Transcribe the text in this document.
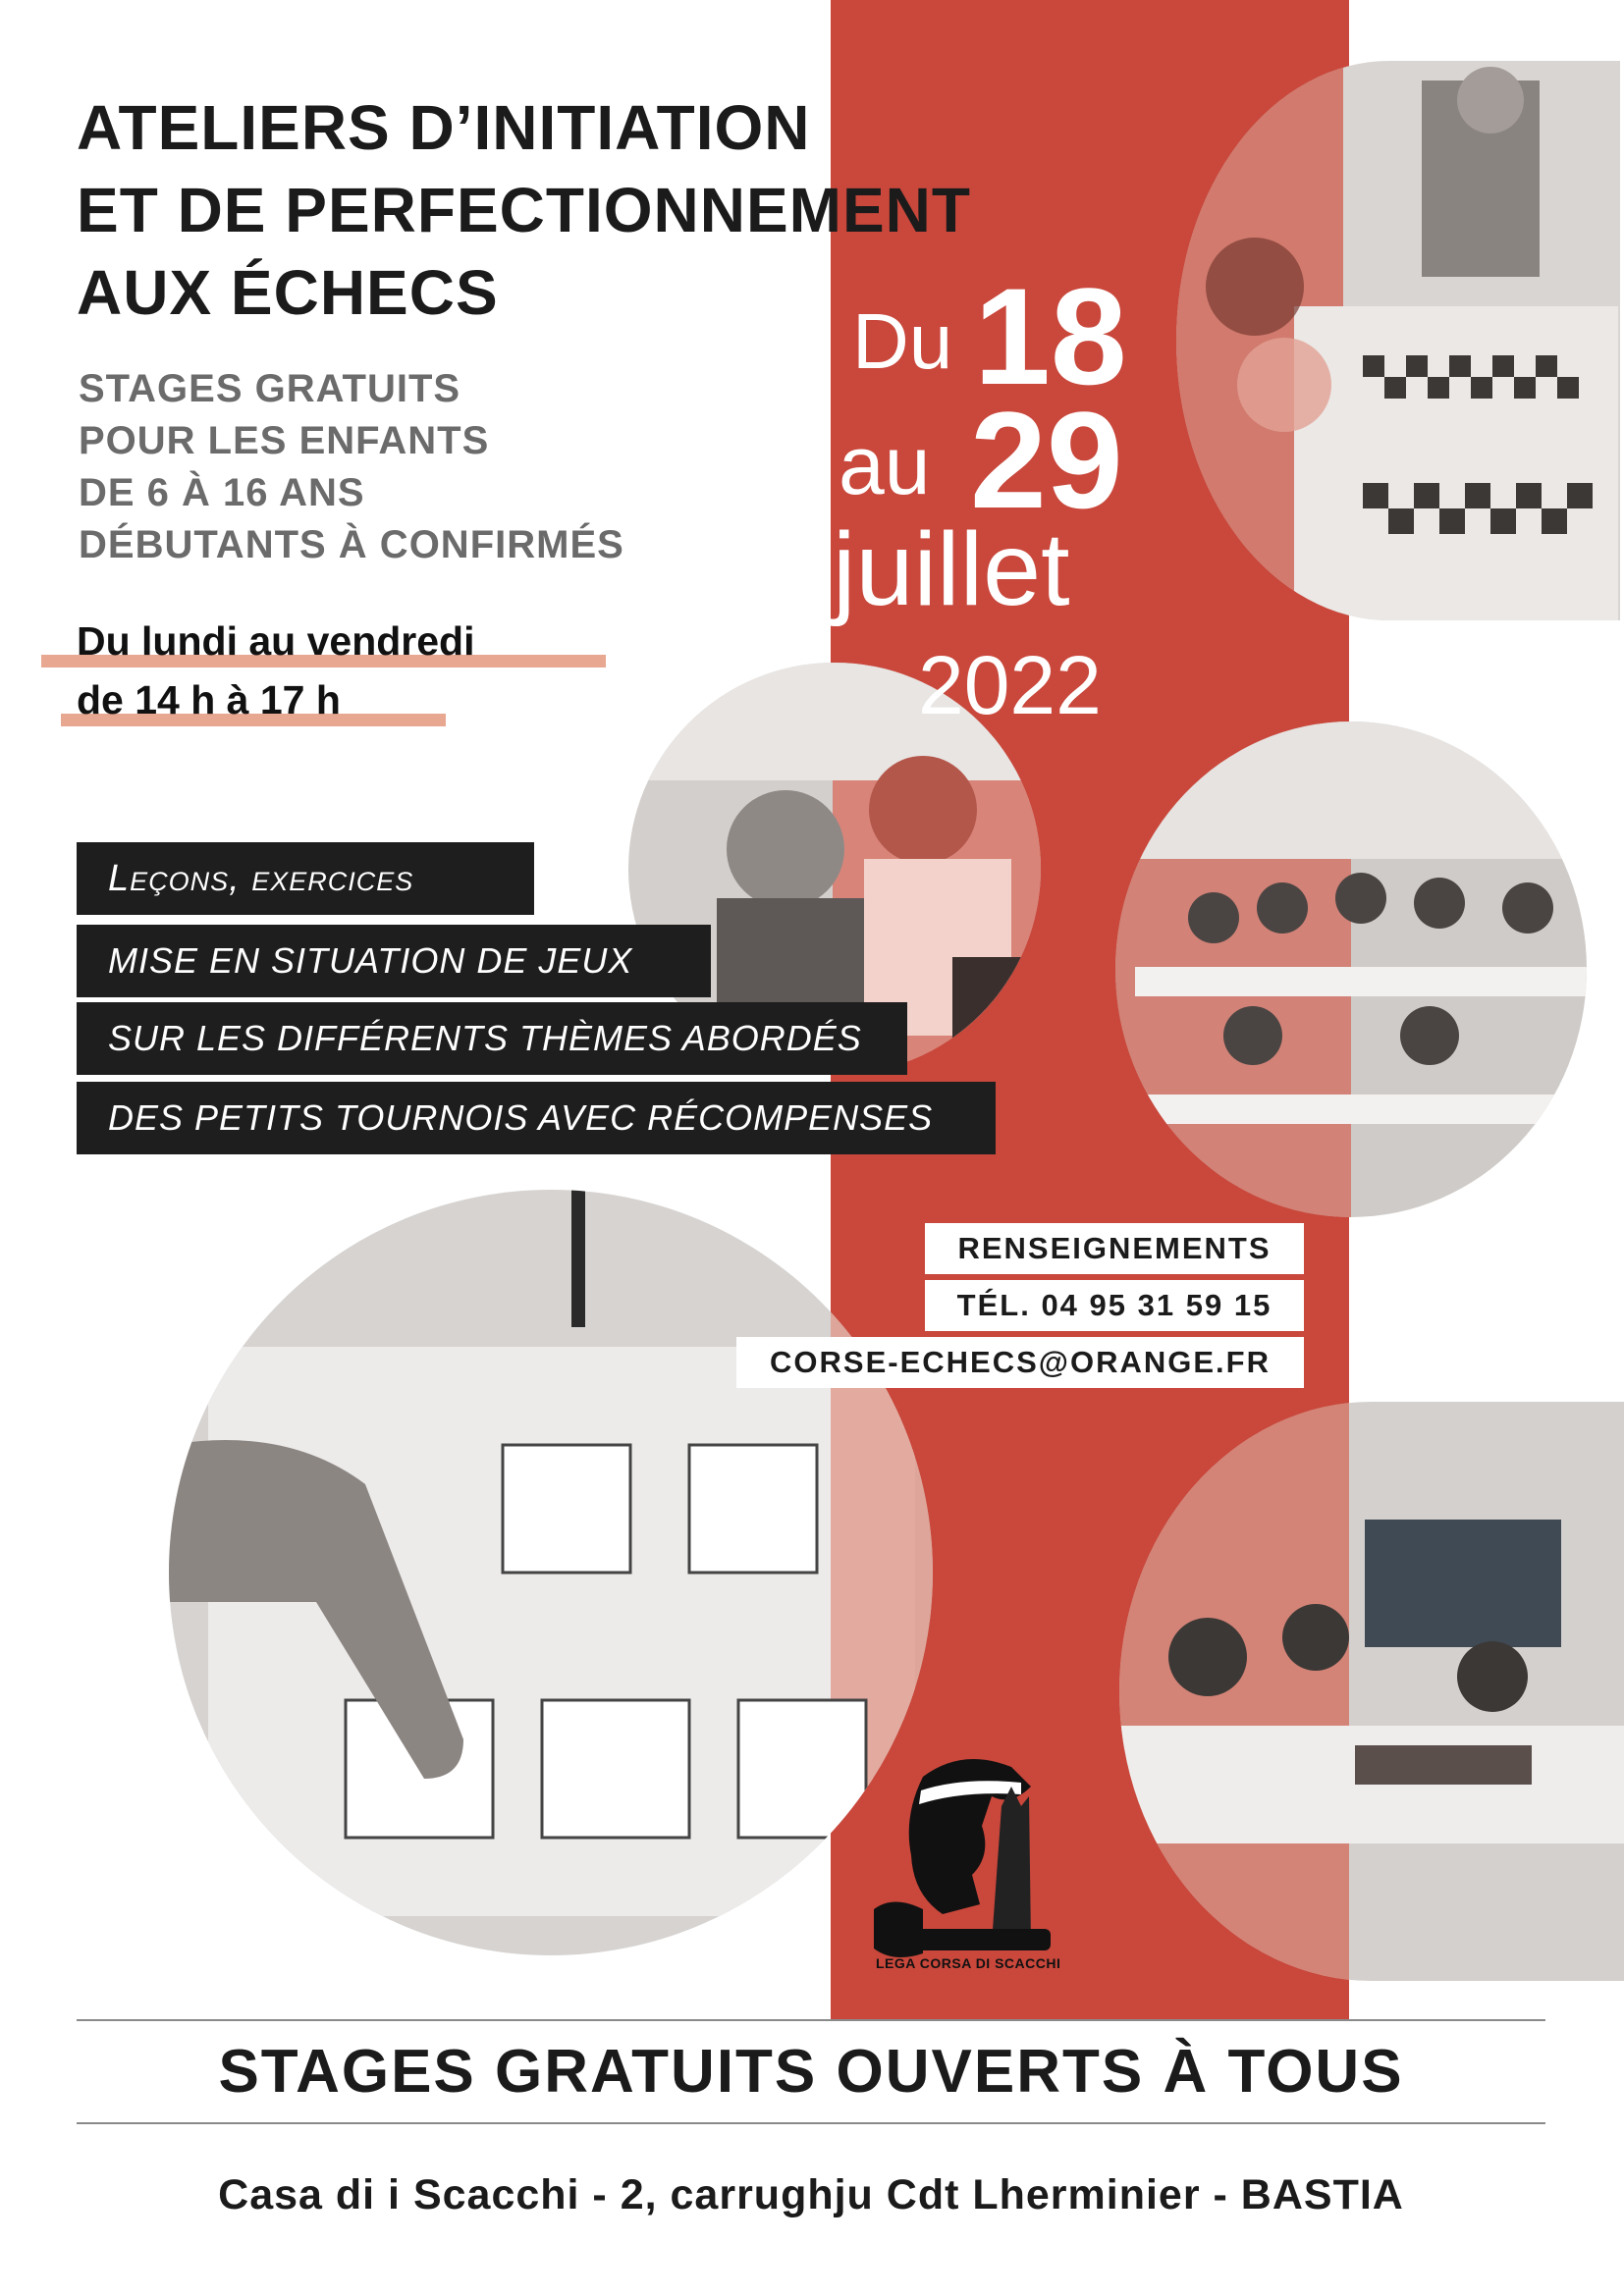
ATELIERS D’INITIATION
ET DE PERFECTIONNEMENT
AUX ÉCHECS
STAGES GRATUITS
POUR LES ENFANTS
DE 6 À 16 ANS
DÉBUTANTS À CONFIRMÉS
Du lundi au vendredi
de 14 h à 17 h
Du 18
au 29
juillet
2022
Leçons, exercices
MISE EN SITUATION DE JEUX
SUR LES DIFFÉRENTS THÈMES ABORDÉS
DES PETITS TOURNOIS AVEC RÉCOMPENSES
RENSEIGNEMENTS
TÉL. 04 95 31 59 15
CORSE-ECHECS@ORANGE.FR
LEGA CORSA DI SCACCHI
STAGES GRATUITS OUVERTS À TOUS
Casa di i Scacchi - 2, carrughju Cdt Lherminier - BASTIA
